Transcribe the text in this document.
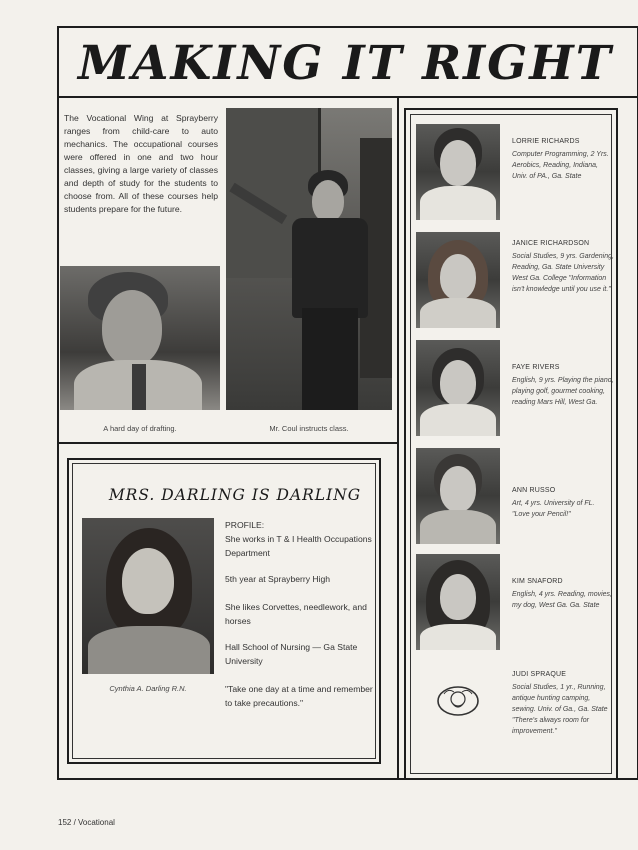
MAKING IT RIGHT
The Vocational Wing at Sprayberry ranges from child-care to auto mechanics. The occupational courses were offered in one and two hour classes, giving a large variety of classes and depth of study for the students to choose from. All of these courses help students prepare for the future.
A hard day of drafting.	Mr. Coul instructs class.
LORRIE RICHARDS
Computer Programming, 2 Yrs. Aerobics, Reading, Indiana, Univ. of PA., Ga. State
JANICE RICHARDSON
Social Studies, 9 yrs. Gardening, Reading, Ga. State University West Ga. College "Information isn't knowledge until you use it."
FAYE RIVERS
English, 9 yrs. Playing the piano, playing golf, gourmet cooking, reading Mars Hill, West Ga.
ANN RUSSO
Art, 4 yrs. University of FL. "Love your Pencil!"
KIM SNAFORD
English, 4 yrs. Reading, movies, my dog, West Ga. Ga. State
JUDI SPRAQUE
Social Studies, 1 yr., Running, antique hunting camping, sewing. Univ. of Ga., Ga. State "There's always room for improvement."
MRS. DARLING IS DARLING
Cynthia A. Darling R.N.
PROFILE:
She works in T & I Health Occupations Department
5th year at Sprayberry High
She likes Corvettes, needlework, and horses
Hall School of Nursing — Ga State University
"Take one day at a time and remember to take precautions."
152 / Vocational
